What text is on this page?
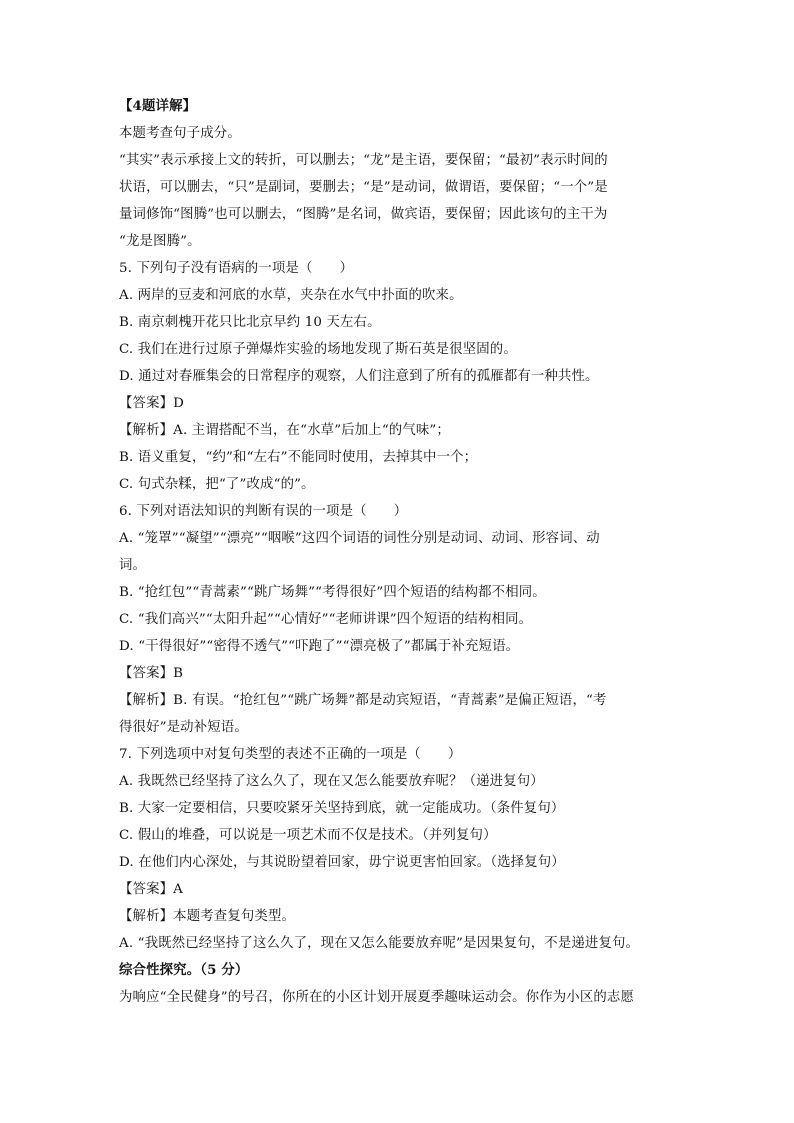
【4题详解】
本题考查句子成分。
“其实”表示承接上文的转折，可以删去；“龙”是主语，要保留；“最初”表示时间的
状语，可以删去，“只”是副词，要删去；“是”是动词，做谓语，要保留；“一个”是
量词修饰“图腾”也可以删去，“图腾”是名词，做宾语，要保留；因此该句的主干为
“龙是图腾”。
5. 下列句子没有语病的一项是（　　）
A. 两岸的豆麦和河底的水草，夹杂在水气中扑面的吹来。
B. 南京刺槐开花只比北京早约 10 天左右。
C. 我们在进行过原子弹爆炸实验的场地发现了斯石英是很坚固的。
D. 通过对春雁集会的日常程序的观察，人们注意到了所有的孤雁都有一种共性。
【答案】D
【解析】A. 主谓搭配不当，在“水草”后加上“的气味”；
B. 语义重复，“约”和“左右”不能同时使用，去掉其中一个；
C. 句式杂糅，把“了”改成“的”。
6. 下列对语法知识的判断有误的一项是（　　）
A. “笼罩”“凝望”“漂亮”“咽喉”这四个词语的词性分别是动词、动词、形容词、动
词。
B. “抢红包”“青蒿素”“跳广场舞”“考得很好”四个短语的结构都不相同。
C. “我们高兴”“太阳升起”“心情好”“老师讲课”四个短语的结构相同。
D. “干得很好”“密得不透气”“吓跑了”“漂亮极了”都属于补充短语。
【答案】B
【解析】B. 有误。“抢红包”“跳广场舞”都是动宾短语，“青蒿素”是偏正短语，“考
得很好”是动补短语。
7. 下列选项中对复句类型的表述不正确的一项是（　　）
A. 我既然已经坚持了这么久了，现在又怎么能要放弃呢？（递进复句）
B. 大家一定要相信，只要咬紧牙关坚持到底，就一定能成功。（条件复句）
C. 假山的堆叠，可以说是一项艺术而不仅是技术。（并列复句）
D. 在他们内心深处，与其说盼望着回家，毋宁说更害怕回家。（选择复句）
【答案】A
【解析】本题考查复句类型。
A. “我既然已经坚持了这么久了，现在又怎么能要放弃呢”是因果复句，不是递进复句。
综合性探究。（5 分）
为响应“全民健身”的号召，你所在的小区计划开展夏季趣味运动会。你作为小区的志愿
